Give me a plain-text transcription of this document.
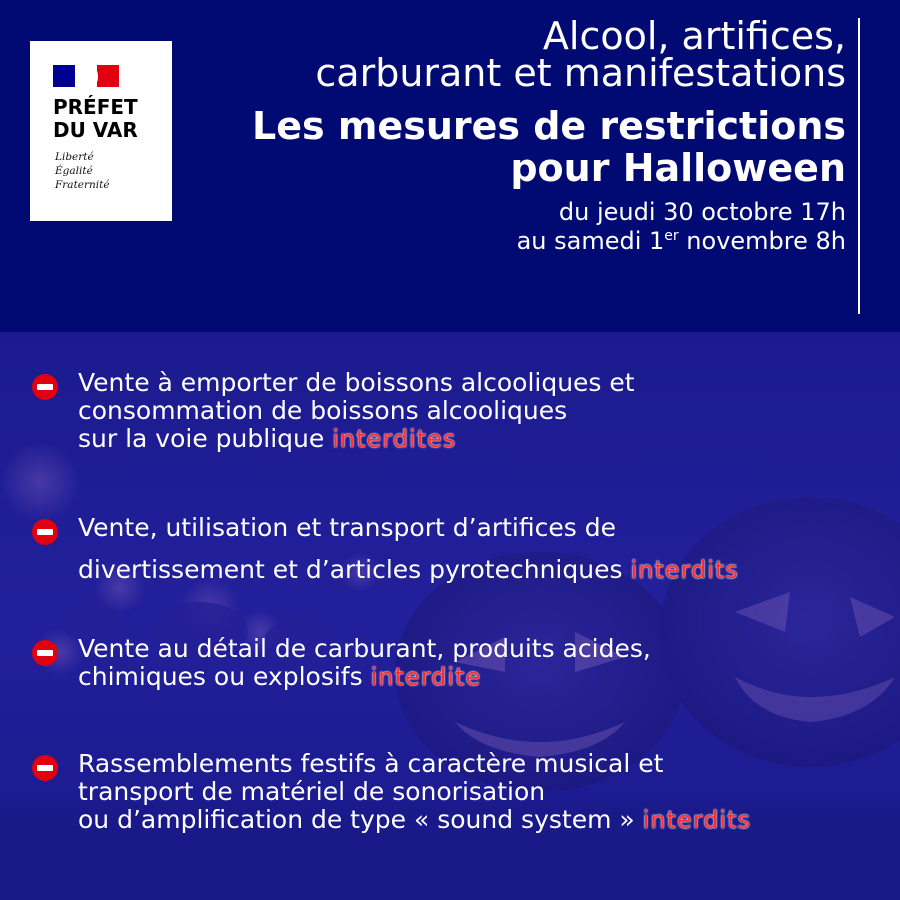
PRÉFET
DU VAR
Liberté
Égalité
Fraternité
Alcool, artifices,
carburant et manifestations
Les mesures de restrictions
pour Halloween
du jeudi 30 octobre 17h
au samedi 1er novembre 8h
Vente à emporter de boissons alcooliques et
consommation de boissons alcooliques
sur la voie publique interdites
Vente, utilisation et transport d’artifices de
divertissement et d’articles pyrotechniques interdits
Vente au détail de carburant, produits acides,
chimiques ou explosifs interdite
Rassemblements festifs à caractère musical et
transport de matériel de sonorisation
ou d’amplification de type « sound system » interdits
